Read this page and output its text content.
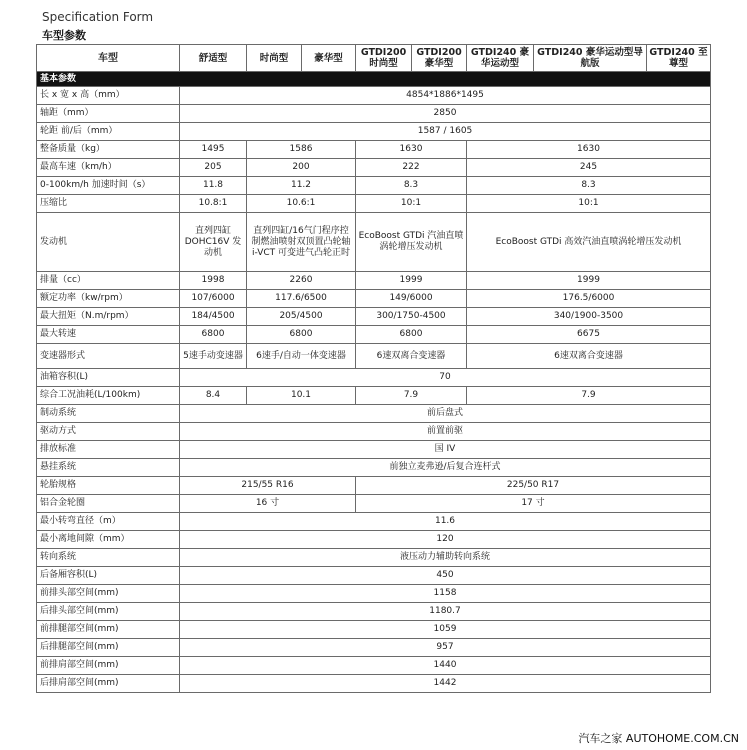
Specification Form
车型参数
车型	舒适型	时尚型	豪华型	GTDI200 时尚型	GTDI200 豪华型	GTDI240 豪华运动型	GTDI240 豪华运动型导航版	GTDI240 至尊型
基本参数								
长 x 宽 x 高（mm）	4854*1886*1495							
轴距（mm）	2850							
轮距 前/后（mm）	1587 / 1605							
整备质量（kg）	1495	1586		1630		1630		
最高车速（km/h）	205	200		222		245		
0-100km/h 加速时间（s）	11.8	11.2		8.3		8.3		
压缩比	10.8:1	10.6:1		10:1		10:1		
发动机	直列四缸 DOHC16V 发动机	直列四缸/16气门程序控制燃油喷射双顶置凸轮轴 i-VCT 可变进气凸轮正时		EcoBoost GTDi 汽油直喷涡轮增压发动机		EcoBoost GTDi 高效汽油直喷涡轮增压发动机		
排量（cc）	1998	2260		1999		1999		
额定功率（kw/rpm）	107/6000	117.6/6500		149/6000		176.5/6000		
最大扭矩（N.m/rpm）	184/4500	205/4500		300/1750-4500		340/1900-3500		
最大转速	6800	6800		6800		6675		
变速器形式	5速手动变速器	6速手/自动一体变速器		6速双离合变速器		6速双离合变速器		
油箱容积(L)	70							
综合工况油耗(L/100km)	8.4	10.1		7.9		7.9		
制动系统	前后盘式							
驱动方式	前置前驱							
排放标准	国 IV							
悬挂系统	前独立麦弗逊/后复合连杆式							
轮胎规格	215/55 R16			225/50 R17				
铝合金轮圈	16 寸			17 寸				
最小转弯直径（m）	11.6							
最小离地间隙（mm）	120							
转向系统	液压动力辅助转向系统							
后备厢容积(L)	450							
前排头部空间(mm)	1158							
后排头部空间(mm)	1180.7							
前排腿部空间(mm)	1059							
后排腿部空间(mm)	957							
前排肩部空间(mm)	1440							
后排肩部空间(mm)	1442							
汽车之家 AUTOHOME.COM.CN
